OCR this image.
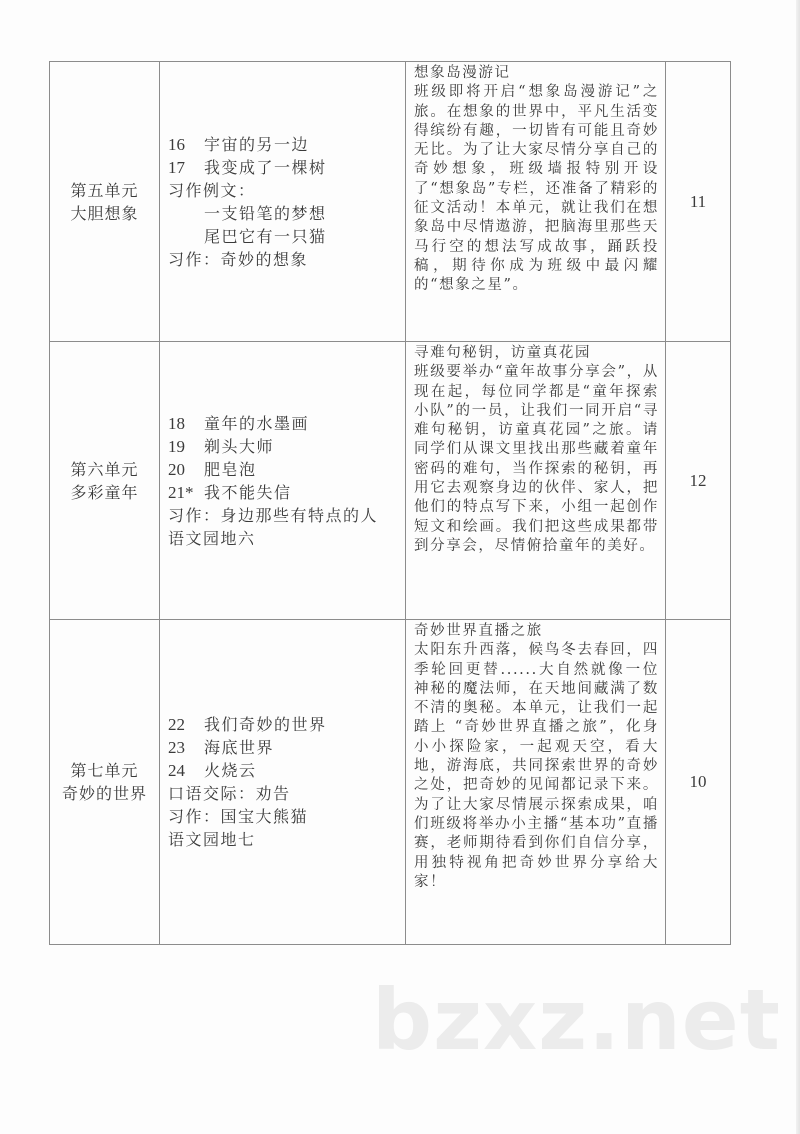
第五单元
大胆想象

16 宇宙的另一边
17 我变成了一棵树
习作例文：
一支铅笔的梦想
尾巴它有一只猫
习作：奇妙的想象

想象岛漫游记
班级即将开启“想象岛漫游记”之旅。在想象的世界中，平凡生活变得缤纷有趣，一切皆有可能且奇妙无比。为了让大家尽情分享自己的奇妙想象，班级墙报特别开设了“想象岛”专栏，还准备了精彩的征文活动！本单元，就让我们在想象岛中尽情遨游，把脑海里那些天马行空的想法写成故事，踊跃投稿，期待你成为班级中最闪耀的“想象之星”。
	11

第六单元
多彩童年

18 童年的水墨画
19 剃头大师
20 肥皂泡
21* 我不能失信
习作：身边那些有特点的人
语文园地六

寻难句秘钥，访童真花园
班级要举办“童年故事分享会”，从现在起，每位同学都是“童年探索小队”的一员，让我们一同开启“寻难句秘钥，访童真花园”之旅。请同学们从课文里找出那些藏着童年密码的难句，当作探索的秘钥，再用它去观察身边的伙伴、家人，把他们的特点写下来，小组一起创作短文和绘画。我们把这些成果都带到分享会，尽情俯拾童年的美好。
	12

第七单元
奇妙的世界

22 我们奇妙的世界
23 海底世界
24 火烧云
口语交际：劝告
习作：国宝大熊猫
语文园地七

奇妙世界直播之旅
太阳东升西落，候鸟冬去春回，四季轮回更替......大自然就像一位神秘的魔法师，在天地间藏满了数不清的奥秘。本单元，让我们一起踏上 “奇妙世界直播之旅”，化身小小探险家，一起观天空，看大地，游海底，共同探索世界的奇妙之处，把奇妙的见闻都记录下来。为了让大家尽情展示探索成果，咱们班级将举办小主播“基本功”直播赛，老师期待看到你们自信分享，用独特视角把奇妙世界分享给大家！
	10
bzxz.net
